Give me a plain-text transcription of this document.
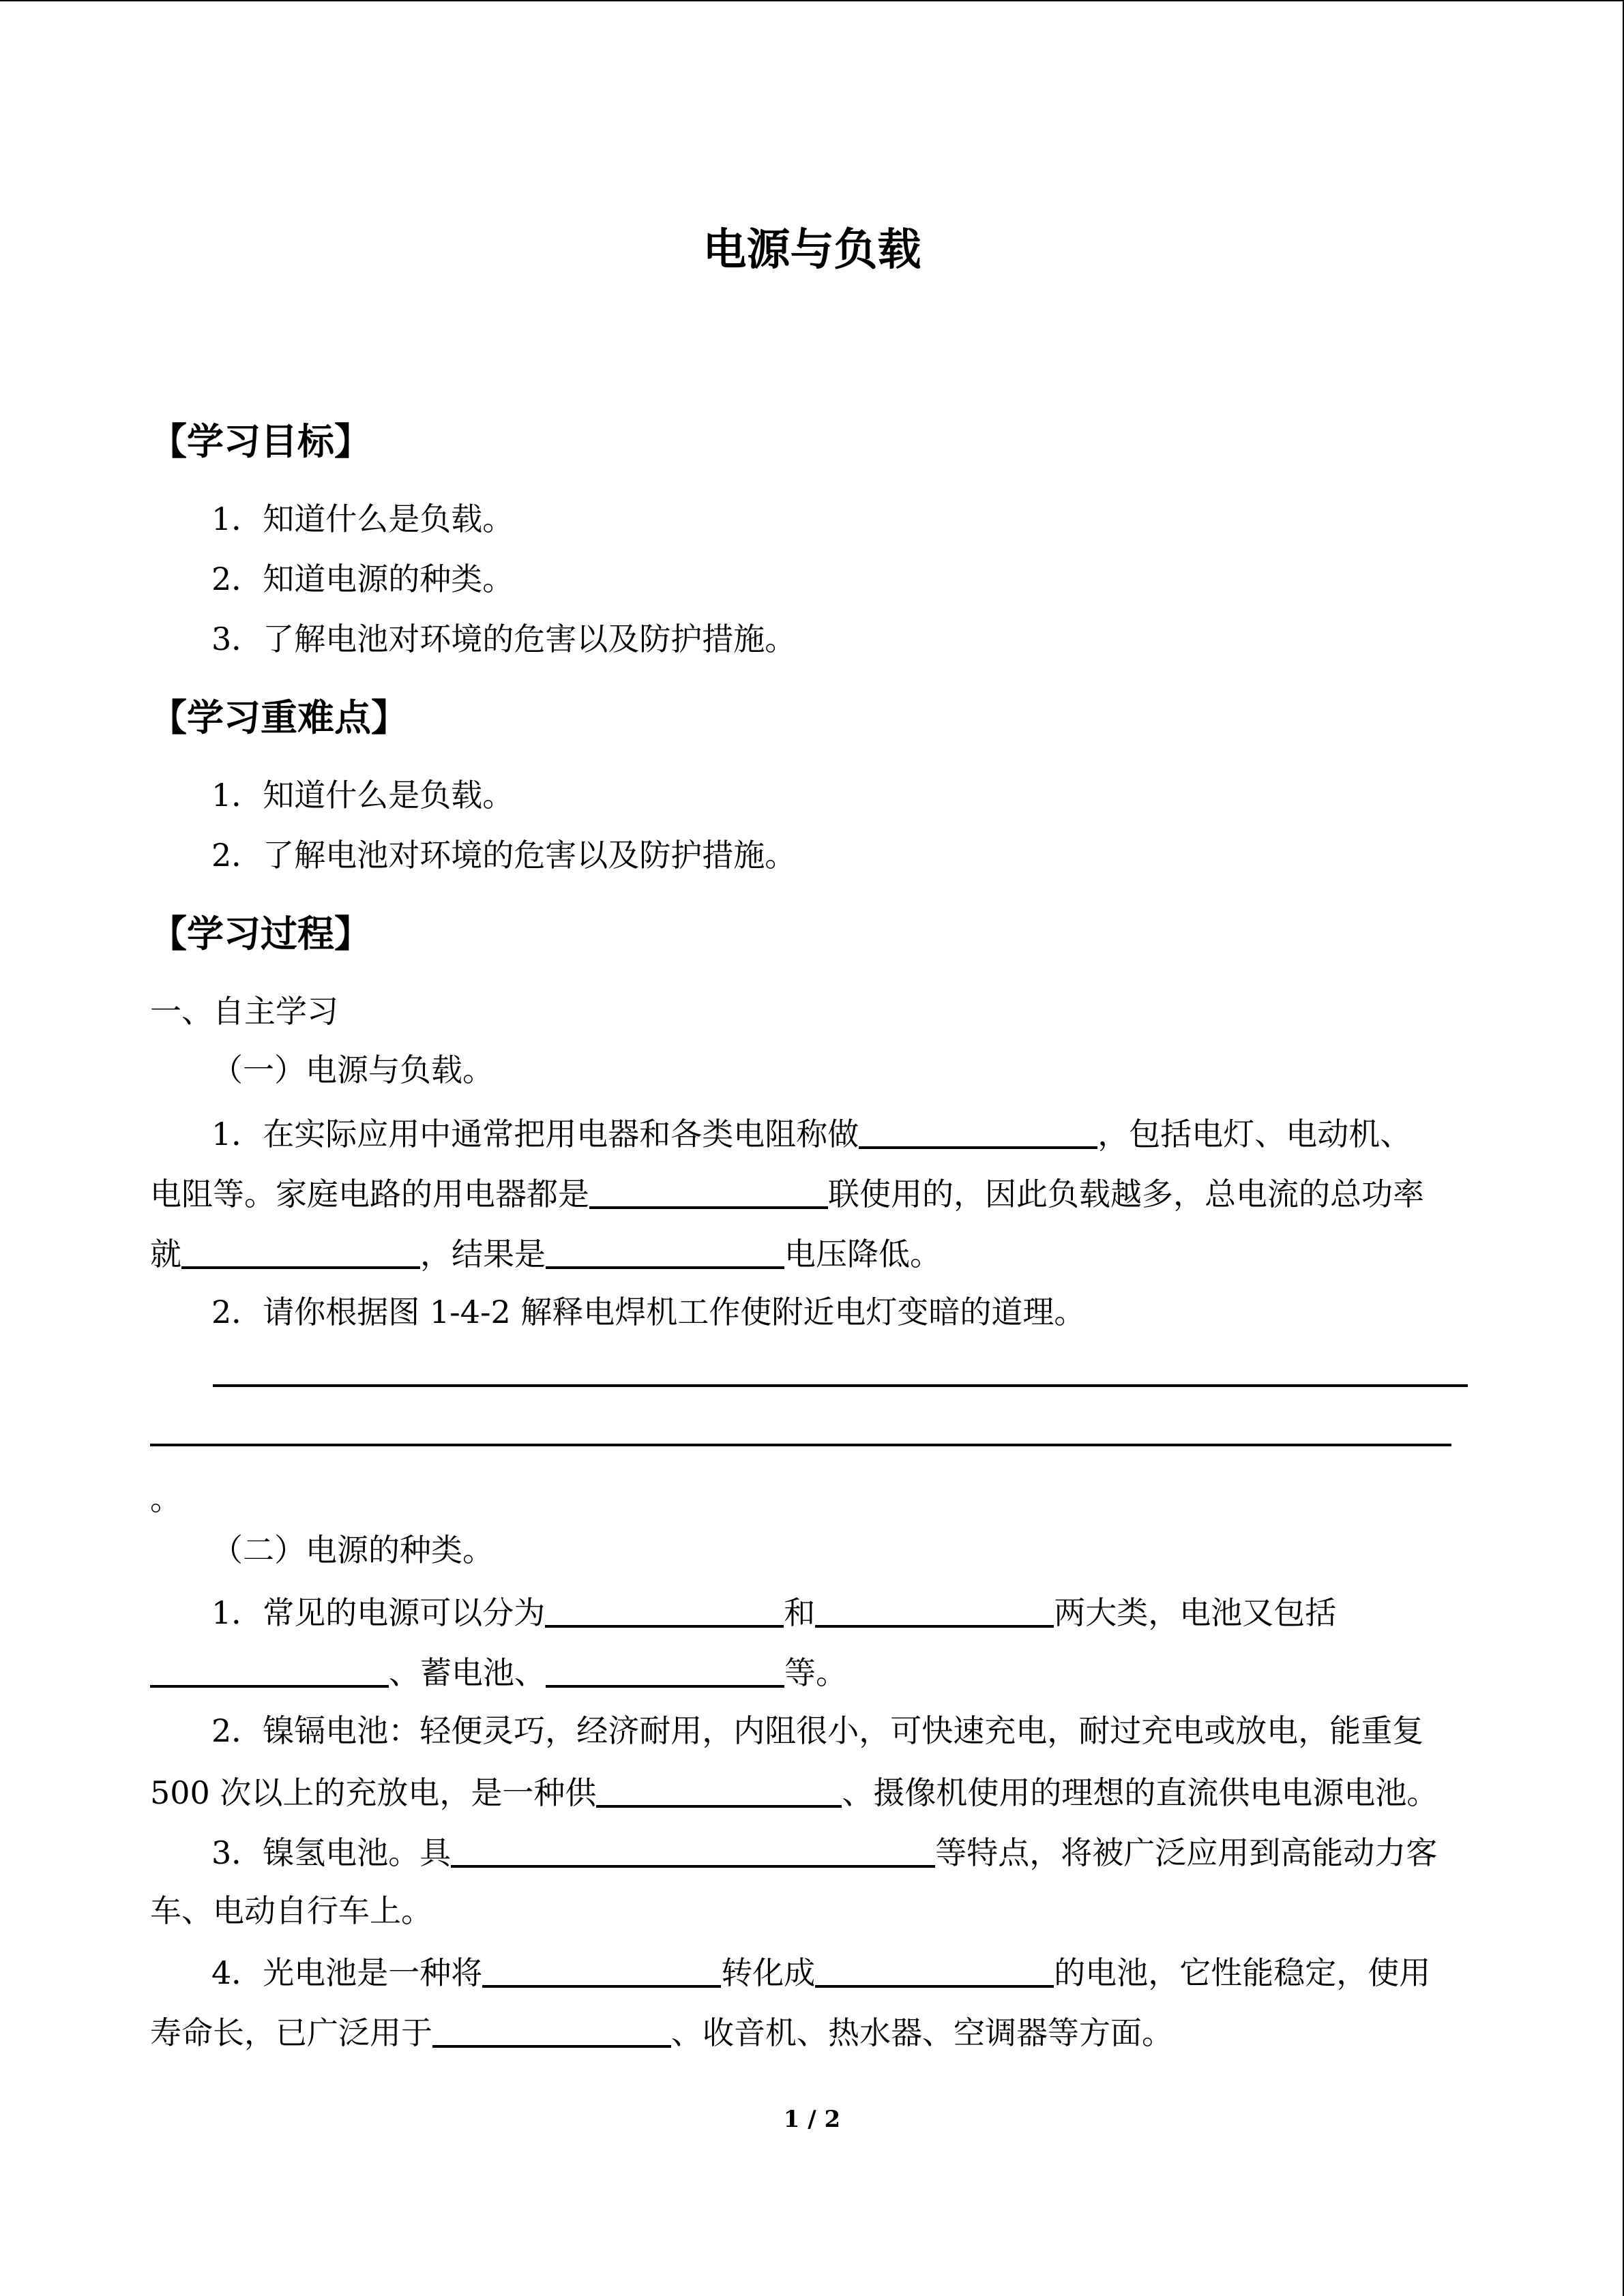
电源与负载
【学习目标】
1．知道什么是负载。
2．知道电源的种类。
3．了解电池对环境的危害以及防护措施。
【学习重难点】
1．知道什么是负载。
2．了解电池对环境的危害以及防护措施。
【学习过程】
一、自主学习
（一）电源与负载。
1．在实际应用中通常把用电器和各类电阻称做	，包括电灯、电动机、
电阻等。家庭电路的用电器都是	联使用的，因此负载越多，总电流的总功率
就	，结果是	电压降低。
2．请你根据图 1-4-2 解释电焊机工作使附近电灯变暗的道理。
。
（二）电源的种类。
1．常见的电源可以分为	和	两大类，电池又包括
、蓄电池、	等。
2．镍镉电池：轻便灵巧，经济耐用，内阻很小，可快速充电，耐过充电或放电，能重复
500 次以上的充放电，是一种供	、摄像机使用的理想的直流供电电源电池。
3．镍氢电池。具	等特点，将被广泛应用到高能动力客
车、电动自行车上。
4．光电池是一种将	转化成	的电池，它性能稳定，使用
寿命长，已广泛用于	、收音机、热水器、空调器等方面。
1 / 2
